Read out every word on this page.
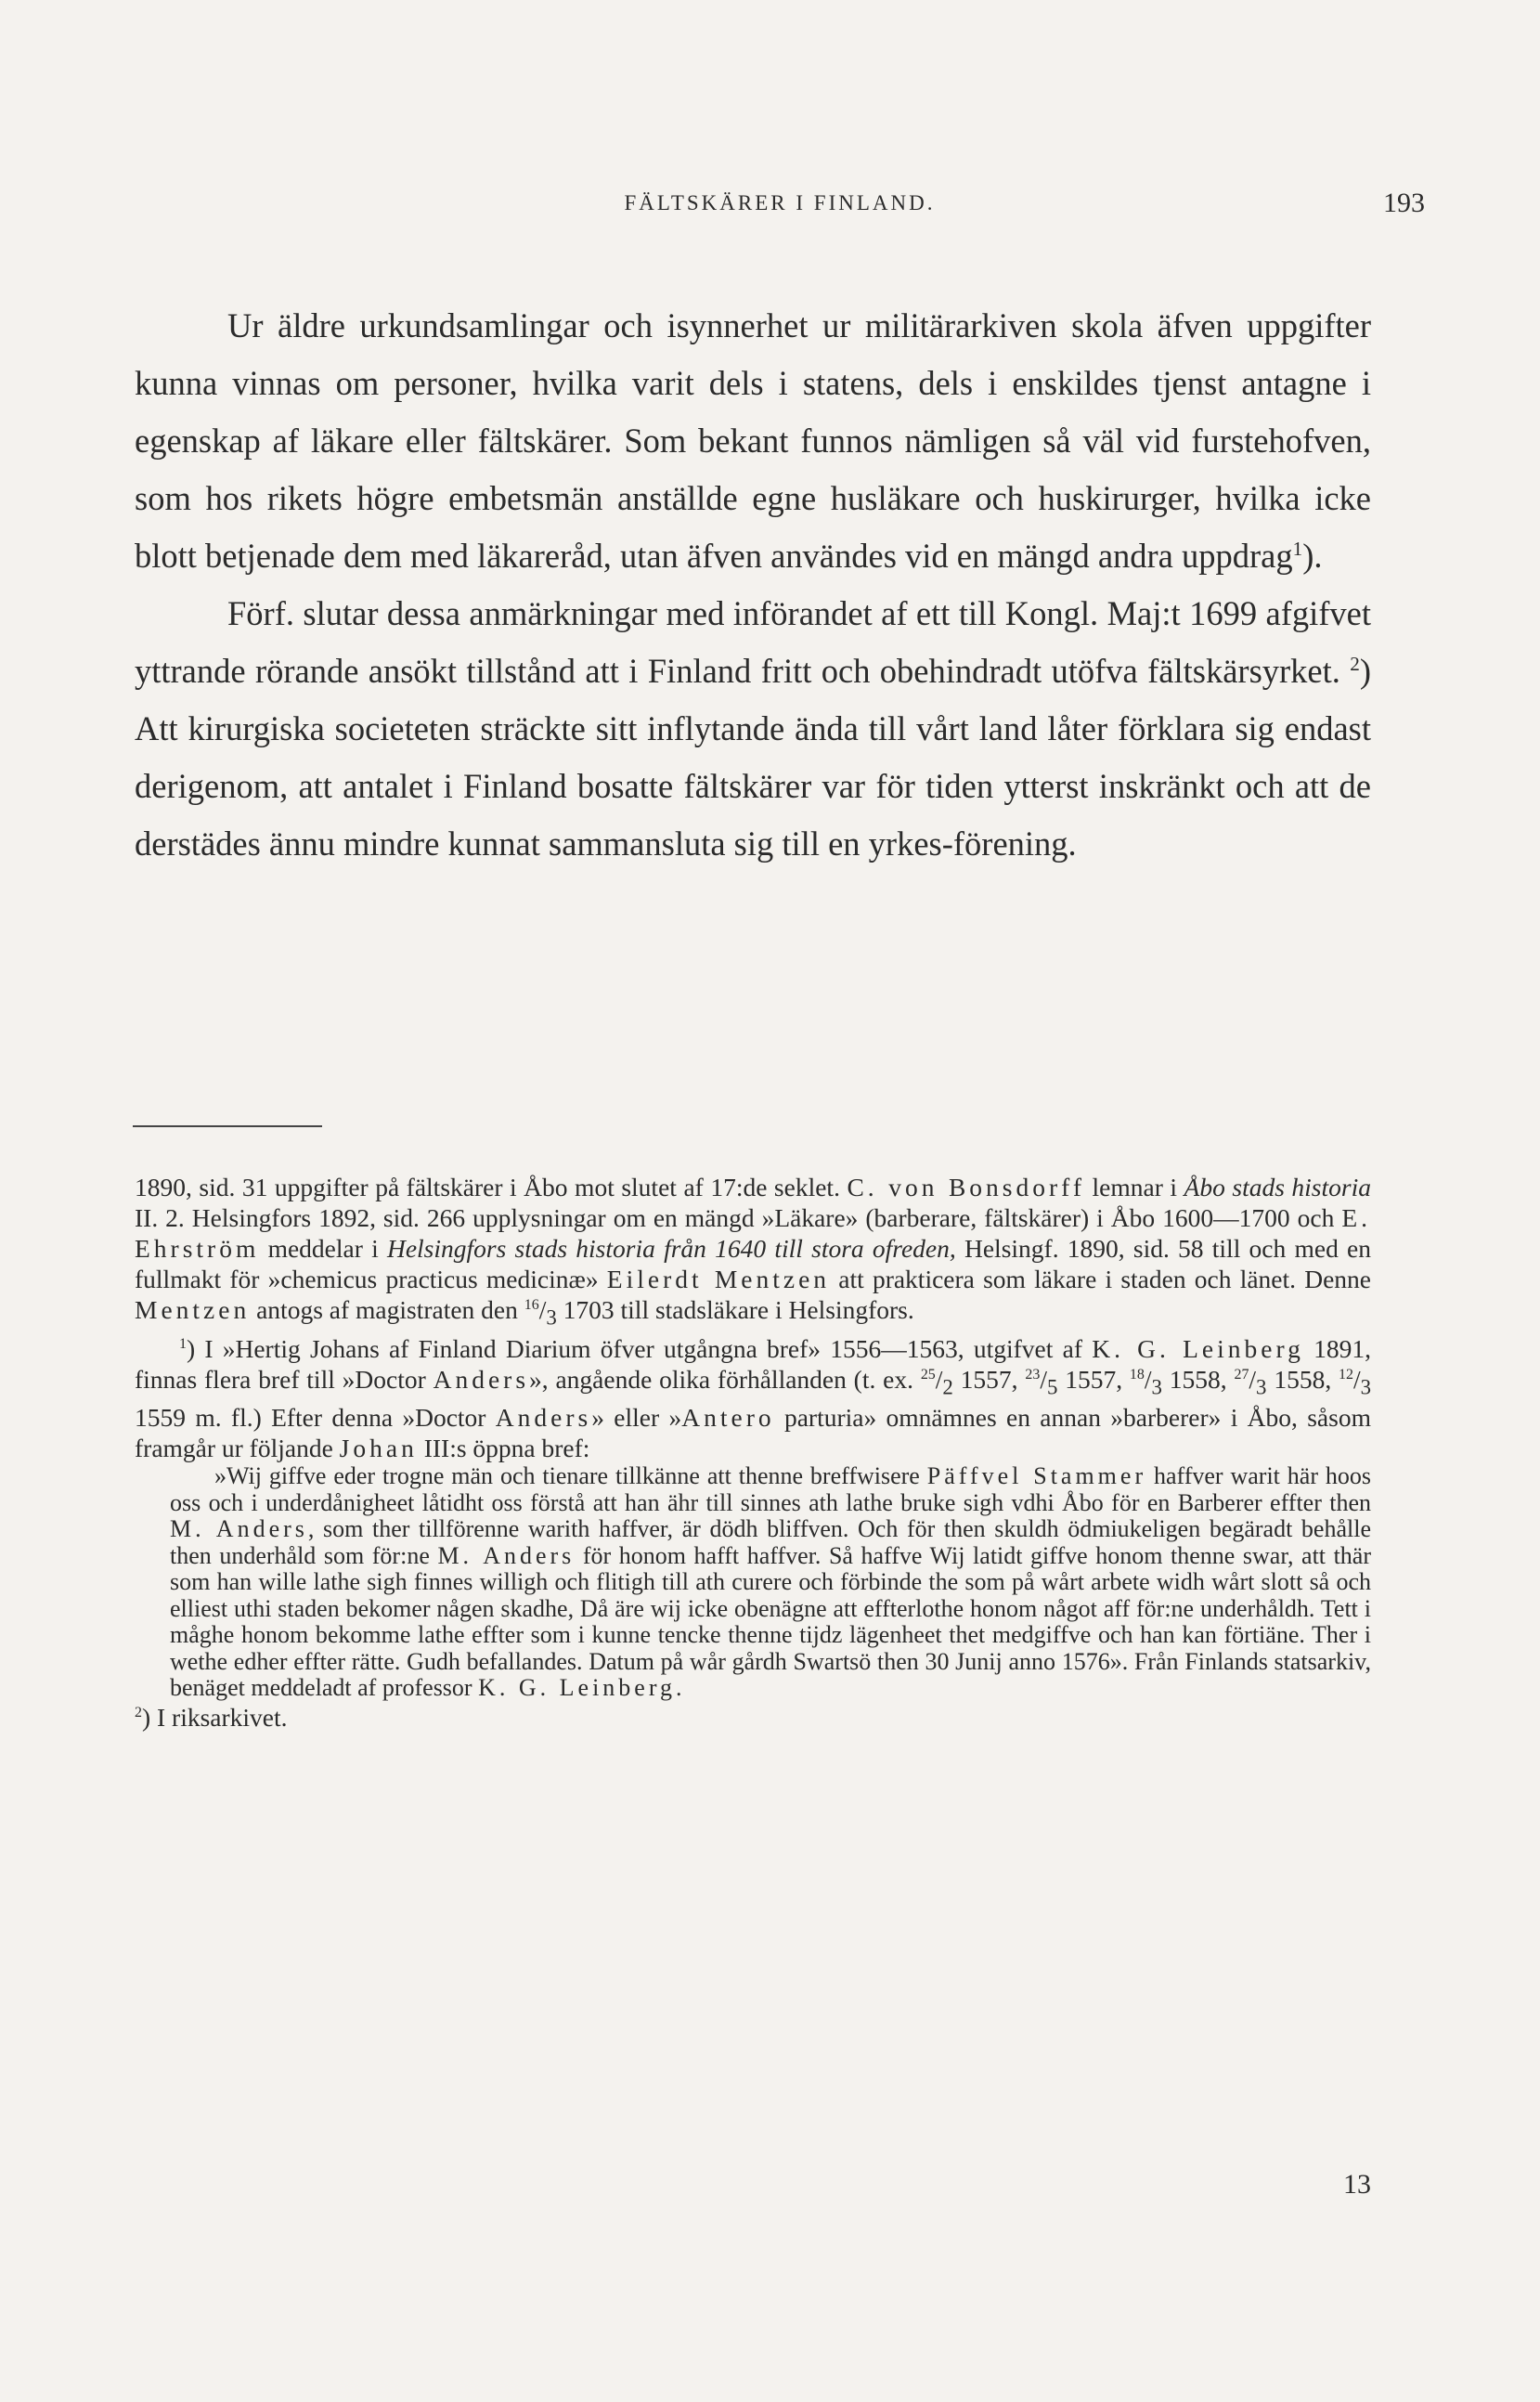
FÄLTSKÄRER I FINLAND.	193

Ur äldre urkundsamlingar och isynnerhet ur militärarkiven skola äfven uppgifter kunna vinnas om personer, hvilka varit dels i statens, dels i enskildes tjenst antagne i egenskap af läkare eller fältskärer. Som bekant funnos nämligen så väl vid furstehofven, som hos rikets högre embetsmän anställde egne husläkare och huskirurger, hvilka icke blott betjenade dem med läkareråd, utan äfven användes vid en mängd andra uppdrag$^1$).

Förf. slutar dessa anmärkningar med införandet af ett till Kongl. Maj:t 1699 afgifvet yttrande rörande ansökt tillstånd att i Finland fritt och obehindradt utöfva fältskärsyrket. $^2$) Att kirurgiska societeten sträckte sitt inflytande ända till vårt land låter förklara sig endast derigenom, att antalet i Finland bosatte fältskärer var för tiden ytterst inskränkt och att de derstädes ännu mindre kunnat sammansluta sig till en yrkes-förening.

1890, sid. 31 uppgifter på fältskärer i Åbo mot slutet af 17:de seklet. C. von Bonsdorff lemnar i Åbo stads historia II. 2. Helsingfors 1892, sid. 266 upplysningar om en mängd »Läkare» (barberare, fältskärer) i Åbo 1600—1700 och E. Ehrström meddelar i Helsingfors stads historia från 1640 till stora ofreden, Helsingf. 1890, sid. 58 till och med en fullmakt för »chemicus practicus medicinæ» Eilerdt Mentzen att prakticera som läkare i staden och länet. Denne Mentzen antogs af magistraten den $^{16}/_3$ 1703 till stadsläkare i Helsingfors.

$^1$) I »Hertig Johans af Finland Diarium öfver utgångna bref» 1556—1563, utgifvet af K. G. Leinberg 1891, finnas flera bref till »Doctor Anders», angående olika förhållanden (t. ex. $^{25}/_2$ 1557, $^{23}/_5$ 1557, $^{18}/_3$ 1558, $^{27}/_3$ 1558, $^{12}/_3$ 1559 m. fl.) Efter denna »Doctor Anders» eller »Antero parturia» omnämnes en annan »barberer» i Åbo, såsom framgår ur följande Johan III:s öppna bref:

»Wij giffve eder trogne män och tienare tillkänne att thenne breffwisere Päffvel Stammer haffver warit här hoos oss och i underdånigheet låtidht oss förstå att han ähr till sinnes ath lathe bruke sigh vdhi Åbo för en Barberer effter then M. Anders, som ther tillförenne warith haffver, är dödh bliffven. Och för then skuldh ödmiukeligen begäradt behålle then underhåld som för:ne M. Anders för honom hafft haffver. Så haffve Wij latidt giffve honom thenne swar, att thär som han wille lathe sigh finnes willigh och flitigh till ath curere och förbinde the som på wårt arbete widh wårt slott så och elliest uthi staden bekomer någen skadhe, Då äre wij icke obenägne att effterlothe honom något aff för:ne underhåldh. Tett i måghe honom bekomme lathe effter som i kunne tencke thenne tijdz lägenheet thet medgiffve och han kan förtiäne. Ther i wethe edher effter rätte. Gudh befallandes. Datum på wår gårdh Swartsö then 30 Junij anno 1576». Från Finlands statsarkiv, benäget meddeladt af professor K. G. Leinberg.

$^2$) I riksarkivet.

13
